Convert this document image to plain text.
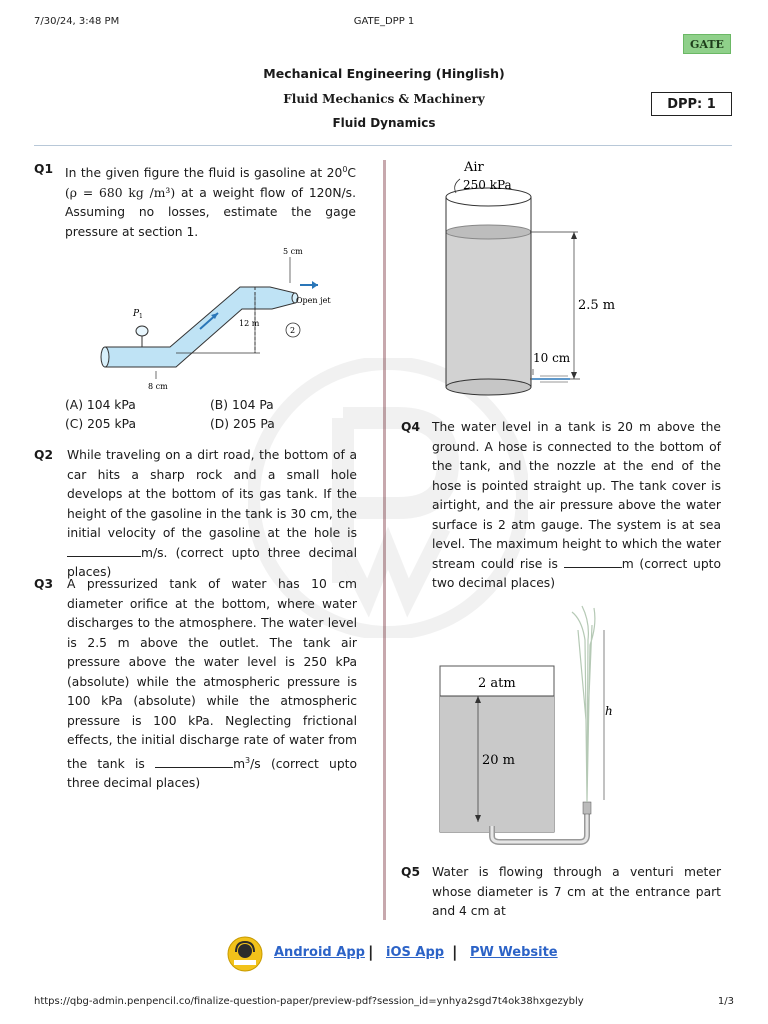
7/30/24, 3:48 PM	GATE_DPP 1
GATE
Mechanical Engineering (Hinglish)
Fluid Mechanics & Machinery
Fluid Dynamics
DPP: 1
Q1 In the given figure the fluid is gasoline at $20^0C$ (ρ = 680 kg /m³) at a weight flow of 120N/s. Assuming no losses, estimate the gage pressure at section 1.
5 cm
P 1
12 m
2
Open jet
8 cm
(A) 104 kPa	(B) 104 Pa
(C) 205 kPa	(D) 205 Pa
Q2 While traveling on a dirt road, the bottom of a car hits a sharp rock and a small hole develops at the bottom of its gas tank. If the height of the gasoline in the tank is 30 cm, the initial velocity of the gasoline at the hole is m/s. (correct upto three decimal places)
Q3 A pressurized tank of water has 10 cm diameter orifice at the bottom, where water discharges to the atmosphere. The water level is 2.5 m above the outlet. The tank air pressure above the water level is 250 kPa (absolute) while the atmospheric pressure is 100 kPa (absolute) while the atmospheric pressure is 100 kPa. Neglecting frictional effects, the initial discharge rate of water from the tank is	$m^3/s$ (correct upto three decimal places)
Air
250 kPa
2.5 m
10 cm
Q4 The water level in a tank is 20 m above the ground. A hose is connected to the bottom of the tank, and the nozzle at the end of the hose is pointed straight up. The tank cover is airtight, and the air pressure above the water surface is 2 atm gauge. The system is at sea level. The maximum height to which the water stream could rise is	m (correct upto two decimal places)
2 atm
20 m
h
Q5 Water is flowing through a venturi meter whose diameter is 7 cm at the entrance part and 4 cm at
Android App | iOS App | PW Website
https://qbg-admin.penpencil.co/finalize-question-paper/preview-pdf?session_id=ynhya2sgd7t4ok38hxgezybly	1/3
